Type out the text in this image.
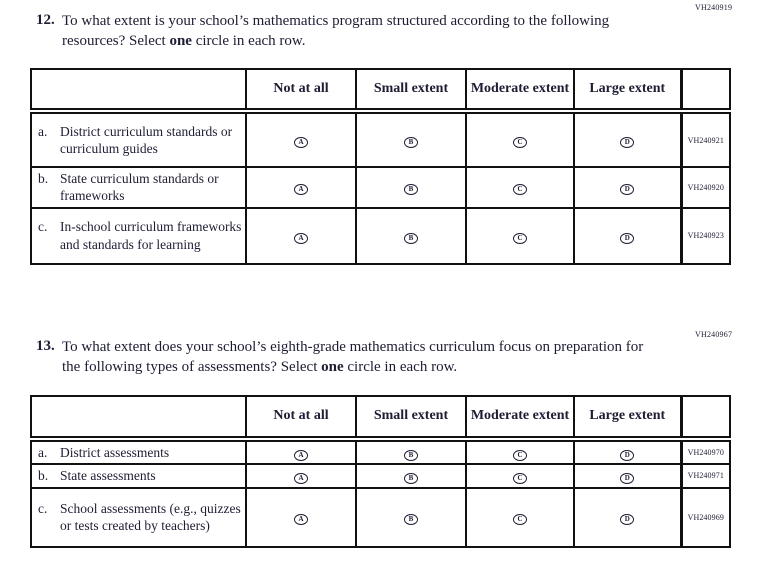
VH240919
12. To what extent is your school’s mathematics program structured according to the following resources? Select one circle in each row.
	Not at all	Small extent	Moderate extent	Large extent	

a. District curriculum standards or curriculum guides	A	B	C	D	VH240921

b. State curriculum standards or frameworks	A	B	C	D	VH240920

c. In-school curriculum frameworks and standards for learning	A	B	C	D	VH240923
VH240967
13. To what extent does your school’s eighth-grade mathematics curriculum focus on preparation for the following types of assessments? Select one circle in each row.
	Not at all	Small extent	Moderate extent	Large extent	

a. District assessments	A	B	C	D	VH240970

b. State assessments	A	B	C	D	VH240971

c. School assessments (e.g., quizzes or tests created by teachers)	A	B	C	D	VH240969
